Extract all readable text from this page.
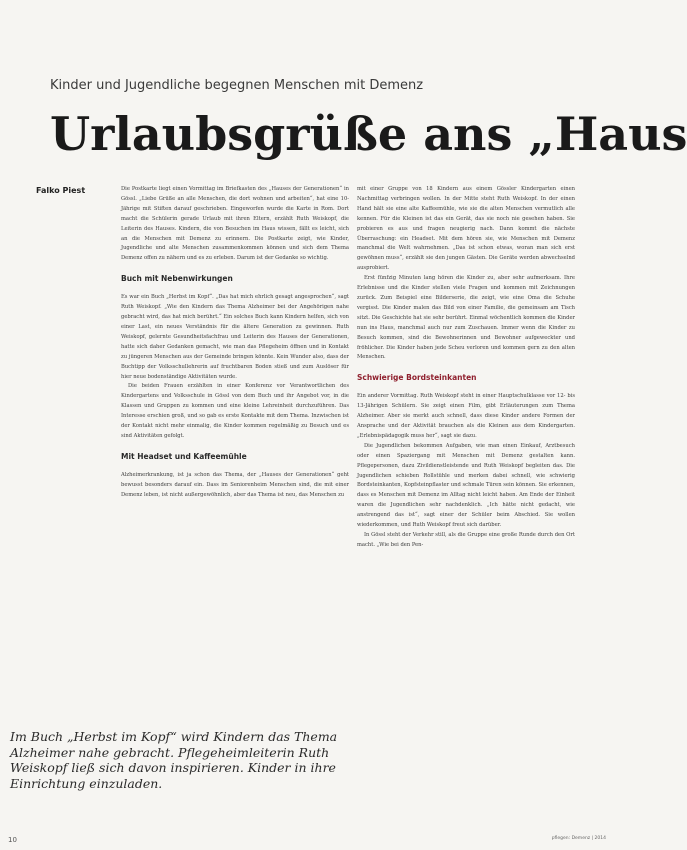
Kinder und Jugendliche begegnen Menschen mit Demenz
Urlaubsgrüße ans „Haus
Falko Piest	Die Postkarte liegt einen Vormittag im Briefkasten des „Hauses der Generationen“ in Gössl. „Liebe Grüße an alle Menschen, die dort wohnen und arbeiten“, hat eine 10-Jährige mit Stiften darauf geschrieben. Eingeworfen wurde die Karte in Rom. Dort macht die Schülerin gerade Urlaub mit ihren Eltern, erzählt Ruth Weiskopf, die Leiterin des Hauses. Kindern, die von Besuchen im Haus wissen, fällt es leicht, sich an die Menschen mit Demenz zu erinnern. Die Postkarte zeigt, wie Kinder, Jugendliche und alte Menschen zusammenkommen können und sich dem Thema Demenz offen zu nähern und es zu erleben. Darum ist der Gedanke so wichtig.

Buch mit Nebenwirkungen

Es war ein Buch „Herbst im Kopf“. „Das hat mich ehrlich gesagt angesprochen“, sagt Ruth Weiskopf. „Wie den Kindern das Thema Alzheimer bei der Angehörigen nahe gebracht wird, das hat mich berührt.“ Ein solches Buch kann Kindern helfen, sich von einer Last, ein neues Verständnis für die ältere Generation zu gewinnen. Ruth Weiskopf, gelernte Gesundheitsfachfrau und Leiterin des Hauses der Generationen, hatte sich daher Gedanken gemacht, wie man das Pflegeheim öffnen und in Kontakt zu jüngeren Menschen aus der Gemeinde bringen könnte. Kein Wunder also, dass der Buchtipp der Volksschullehrerin auf fruchtbaren Boden stieß und zum Auslöser für hier neue bodenständige Aktivitäten wurde.

Die beiden Frauen erzählten in einer Konferenz vor Verantwortlichen des Kindergartens und Volksschule in Gössl von dem Buch und ihr Angebot vor, in die Klassen und Gruppen zu kommen und eine kleine Lehreinheit durchzuführen. Das Interesse erschien groß, und so gab es erste Kontakte mit dem Thema. Inzwischen ist der Kontakt nicht mehr einmalig, die Kinder kommen regelmäßig zu Besuch und es sind Aktivitäten gefolgt.

Mit Headset und Kaffeemühle

Alzheimerkrankung, ist ja schon das Thema, der „Hauses der Generationen“ geht bewusst besonders darauf ein. Dass im Seniorenheim Menschen sind, die mit einer Demenz leben, ist nicht außergewöhnlich, aber das Thema ist neu, das Menschen zu

mit einer Gruppe von 18 Kindern aus einem Gössler Kindergarten einen Nachmittag verbringen wollen. In der Mitte steht Ruth Weiskopf. In der einen Hand hält sie eine alte Kaffeemühle, wie sie die alten Menschen vermutlich alle kennen. Für die Kleinen ist das ein Gerät, das sie noch nie gesehen haben. Sie probieren es aus und fragen neugierig nach. Dann kommt die nächste Überraschung: ein Headset. Mit dem hören sie, wie Menschen mit Demenz manchmal die Welt wahrnehmen. „Das ist schon etwas, woran man sich erst gewöhnen muss“, erzählt sie den jungen Gästen. Die Geräte werden abwechselnd ausprobiert.

Erst fünfzig Minuten lang hören die Kinder zu, aber sehr aufmerksam. Ihre Erlebnisse und die Kinder stellen viele Fragen und kommen mit Zeichnungen zurück. Zum Beispiel eine Bilderserie, die zeigt, wie eine Oma die Schuhe vergisst. Die Kinder malen das Bild von einer Familie, die gemeinsam am Tisch sitzt. Die Geschichte hat sie sehr berührt. Einmal wöchentlich kommen die Kinder nun ins Haus, manchmal auch nur zum Zuschauen. Immer wenn die Kinder zu Besuch kommen, sind die Bewohnerinnen und Bewohner aufgeweckter und fröhlicher. Die Kinder haben jede Scheu verloren und kommen gern zu den alten Menschen.

Schwierige Bordsteinkanten

Ein anderer Vormittag. Ruth Weiskopf steht in einer Hauptschulklasse vor 12- bis 13-Jährigen Schülern. Sie zeigt einen Film, gibt Erläuterungen zum Thema Alzheimer. Aber sie merkt auch schnell, dass diese Kinder andere Formen der Ansprache und der Aktivität brauchen als die Kleinen aus dem Kindergarten. „Erlebnispädagogik muss her“, sagt sie dazu.

Die Jugendlichen bekommen Aufgaben, wie man einen Einkauf, Arztbesuch oder einen Spaziergang mit Menschen mit Demenz gestalten kann. Pflegepersonen, dazu Zivildienstleistende und Ruth Weiskopf begleiten das. Die Jugendlichen schieben Rollstühle und merken dabei schnell, wie schwierig Bordsteinkanten, Kopfsteinpflaster und schmale Türen sein können. Sie erkennen, dass es Menschen mit Demenz im Alltag nicht leicht haben. Am Ende der Einheit waren die Jugendlichen sehr nachdenklich. „Ich hätte nicht gedacht, wie anstrengend das ist“, sagt einer der Schüler beim Abschied. Sie wollen wiederkommen, und Ruth Weiskopf freut sich darüber.

In Gössl steht der Verkehr still, als die Gruppe eine große Runde durch den Ort macht. „Wie bei den Pen-

Im Buch „Herbst im Kopf“ wird Kindern das Thema Alzheimer nahe gebracht. Pflegeheimleiterin Ruth Weiskopf ließ sich davon inspirieren. Kinder in ihre Einrichtung einzuladen.
10	pflegen: Demenz | 2014
